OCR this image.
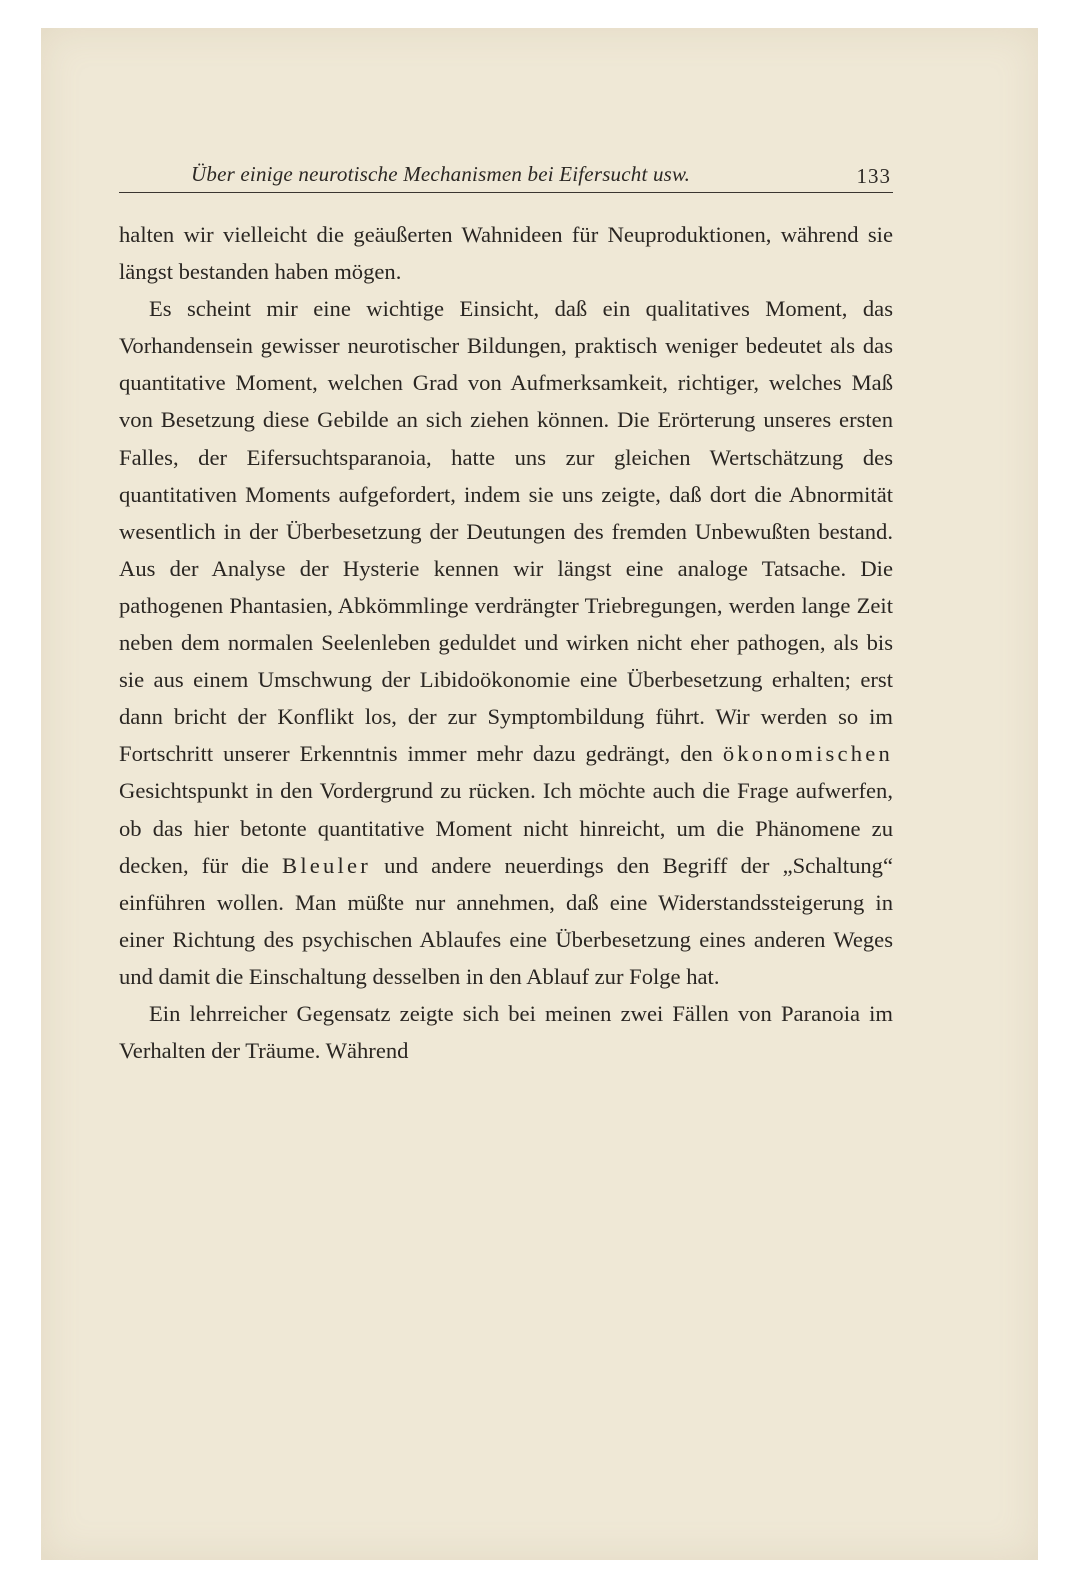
Über einige neurotische Mechanismen bei Eifersucht usw.	133

halten wir vielleicht die geäußerten Wahnideen für Neuproduktionen, während sie längst bestanden haben mögen.

Es scheint mir eine wichtige Einsicht, daß ein qualitatives Moment, das Vorhandensein gewisser neurotischer Bildungen, praktisch weniger bedeutet als das quantitative Moment, welchen Grad von Aufmerksamkeit, richtiger, welches Maß von Besetzung diese Gebilde an sich ziehen können. Die Erörterung unseres ersten Falles, der Eifersuchtsparanoia, hatte uns zur gleichen Wertschätzung des quantitativen Moments aufgefordert, indem sie uns zeigte, daß dort die Abnormität wesentlich in der Überbesetzung der Deutungen des fremden Unbewußten bestand. Aus der Analyse der Hysterie kennen wir längst eine analoge Tatsache. Die pathogenen Phantasien, Abkömmlinge verdrängter Triebregungen, werden lange Zeit neben dem normalen Seelenleben geduldet und wirken nicht eher pathogen, als bis sie aus einem Umschwung der Libidoökonomie eine Überbesetzung erhalten; erst dann bricht der Konflikt los, der zur Symptombildung führt. Wir werden so im Fortschritt unserer Erkenntnis immer mehr dazu gedrängt, den ökonomischen Gesichtspunkt in den Vordergrund zu rücken. Ich möchte auch die Frage aufwerfen, ob das hier betonte quantitative Moment nicht hinreicht, um die Phänomene zu decken, für die Bleuler und andere neuerdings den Begriff der „Schaltung“ einführen wollen. Man müßte nur annehmen, daß eine Widerstandssteigerung in einer Richtung des psychischen Ablaufes eine Überbesetzung eines anderen Weges und damit die Einschaltung desselben in den Ablauf zur Folge hat.

Ein lehrreicher Gegensatz zeigte sich bei meinen zwei Fällen von Paranoia im Verhalten der Träume. Während
